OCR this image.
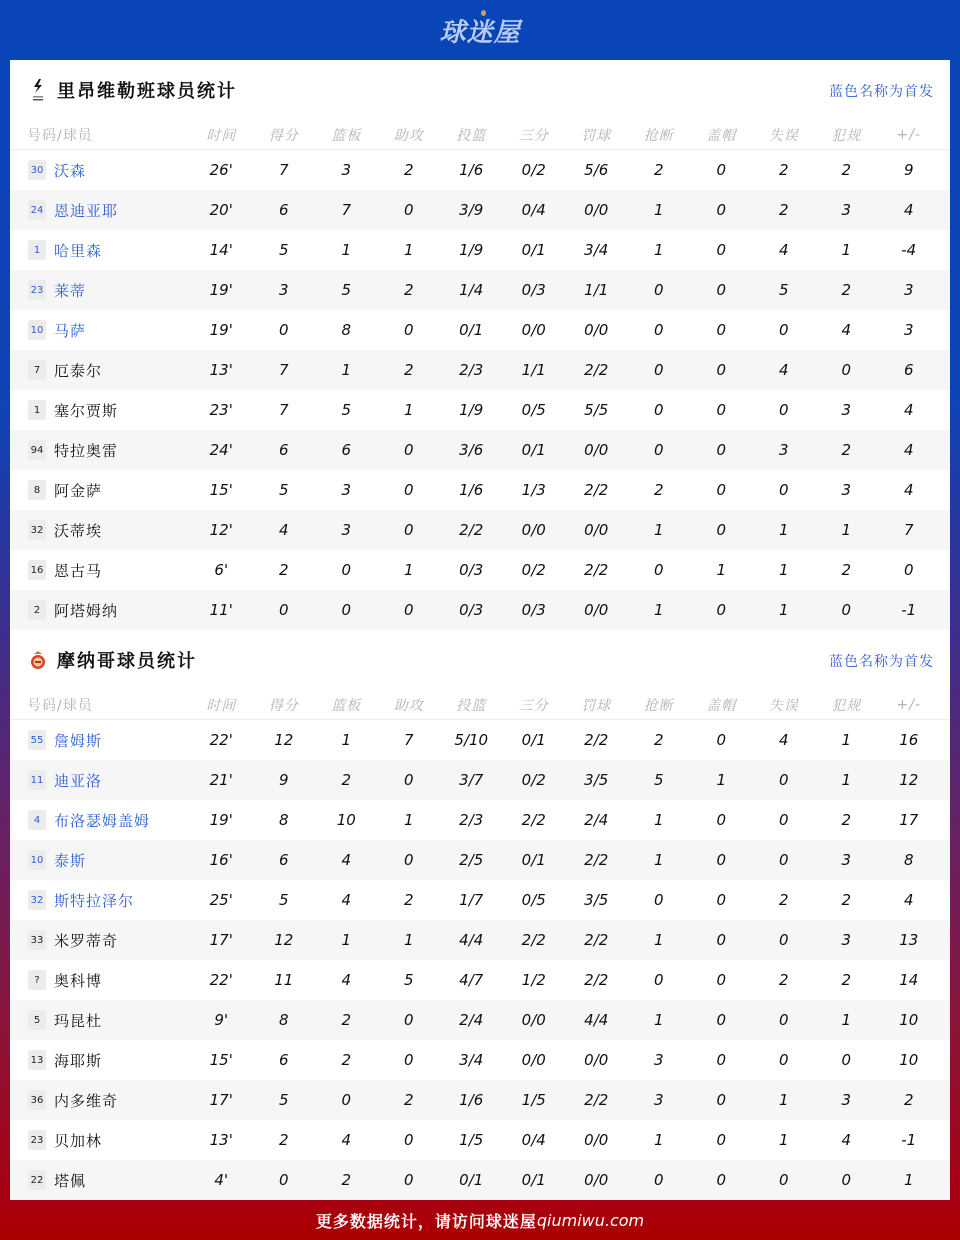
球迷屋
里昂维勒班球员统计	蓝色名称为首发
号码/球员	时间	得分	篮板	助攻	投篮	三分	罚球	抢断	盖帽	失误	犯规	+/-
30 沃森	26'	7	3	2	1/6	0/2	5/6	2	0	2	2	9
24 恩迪亚耶	20'	6	7	0	3/9	0/4	0/0	1	0	2	3	4
1 哈里森	14'	5	1	1	1/9	0/1	3/4	1	0	4	1	-4
23 莱蒂	19'	3	5	2	1/4	0/3	1/1	0	0	5	2	3
10 马萨	19'	0	8	0	0/1	0/0	0/0	0	0	0	4	3
7 厄泰尔	13'	7	1	2	2/3	1/1	2/2	0	0	4	0	6
1 塞尔贾斯	23'	7	5	1	1/9	0/5	5/5	0	0	0	3	4
94 特拉奥雷	24'	6	6	0	3/6	0/1	0/0	0	0	3	2	4
8 阿金萨	15'	5	3	0	1/6	1/3	2/2	2	0	0	3	4
32 沃蒂埃	12'	4	3	0	2/2	0/0	0/0	1	0	1	1	7
16 恩古马	6'	2	0	1	0/3	0/2	2/2	0	1	1	2	0
2 阿塔姆纳	11'	0	0	0	0/3	0/3	0/0	1	0	1	0	-1
摩纳哥球员统计	蓝色名称为首发
号码/球员	时间	得分	篮板	助攻	投篮	三分	罚球	抢断	盖帽	失误	犯规	+/-
55 詹姆斯	22'	12	1	7	5/10	0/1	2/2	2	0	4	1	16
11 迪亚洛	21'	9	2	0	3/7	0/2	3/5	5	1	0	1	12
4 布洛瑟姆盖姆	19'	8	10	1	2/3	2/2	2/4	1	0	0	2	17
10 泰斯	16'	6	4	0	2/5	0/1	2/2	1	0	0	3	8
32 斯特拉泽尔	25'	5	4	2	1/7	0/5	3/5	0	0	2	2	4
33 米罗蒂奇	17'	12	1	1	4/4	2/2	2/2	1	0	0	3	13
? 奥科博	22'	11	4	5	4/7	1/2	2/2	0	0	2	2	14
5 玛昆杜	9'	8	2	0	2/4	0/0	4/4	1	0	0	1	10
13 海耶斯	15'	6	2	0	3/4	0/0	0/0	3	0	0	0	10
36 内多维奇	17'	5	0	2	1/6	1/5	2/2	3	0	1	3	2
23 贝加林	13'	2	4	0	1/5	0/4	0/0	1	0	1	4	-1
22 塔佩	4'	0	2	0	0/1	0/1	0/0	0	0	0	0	1
更多数据统计，请访问球迷屋 qiumiwu.com
